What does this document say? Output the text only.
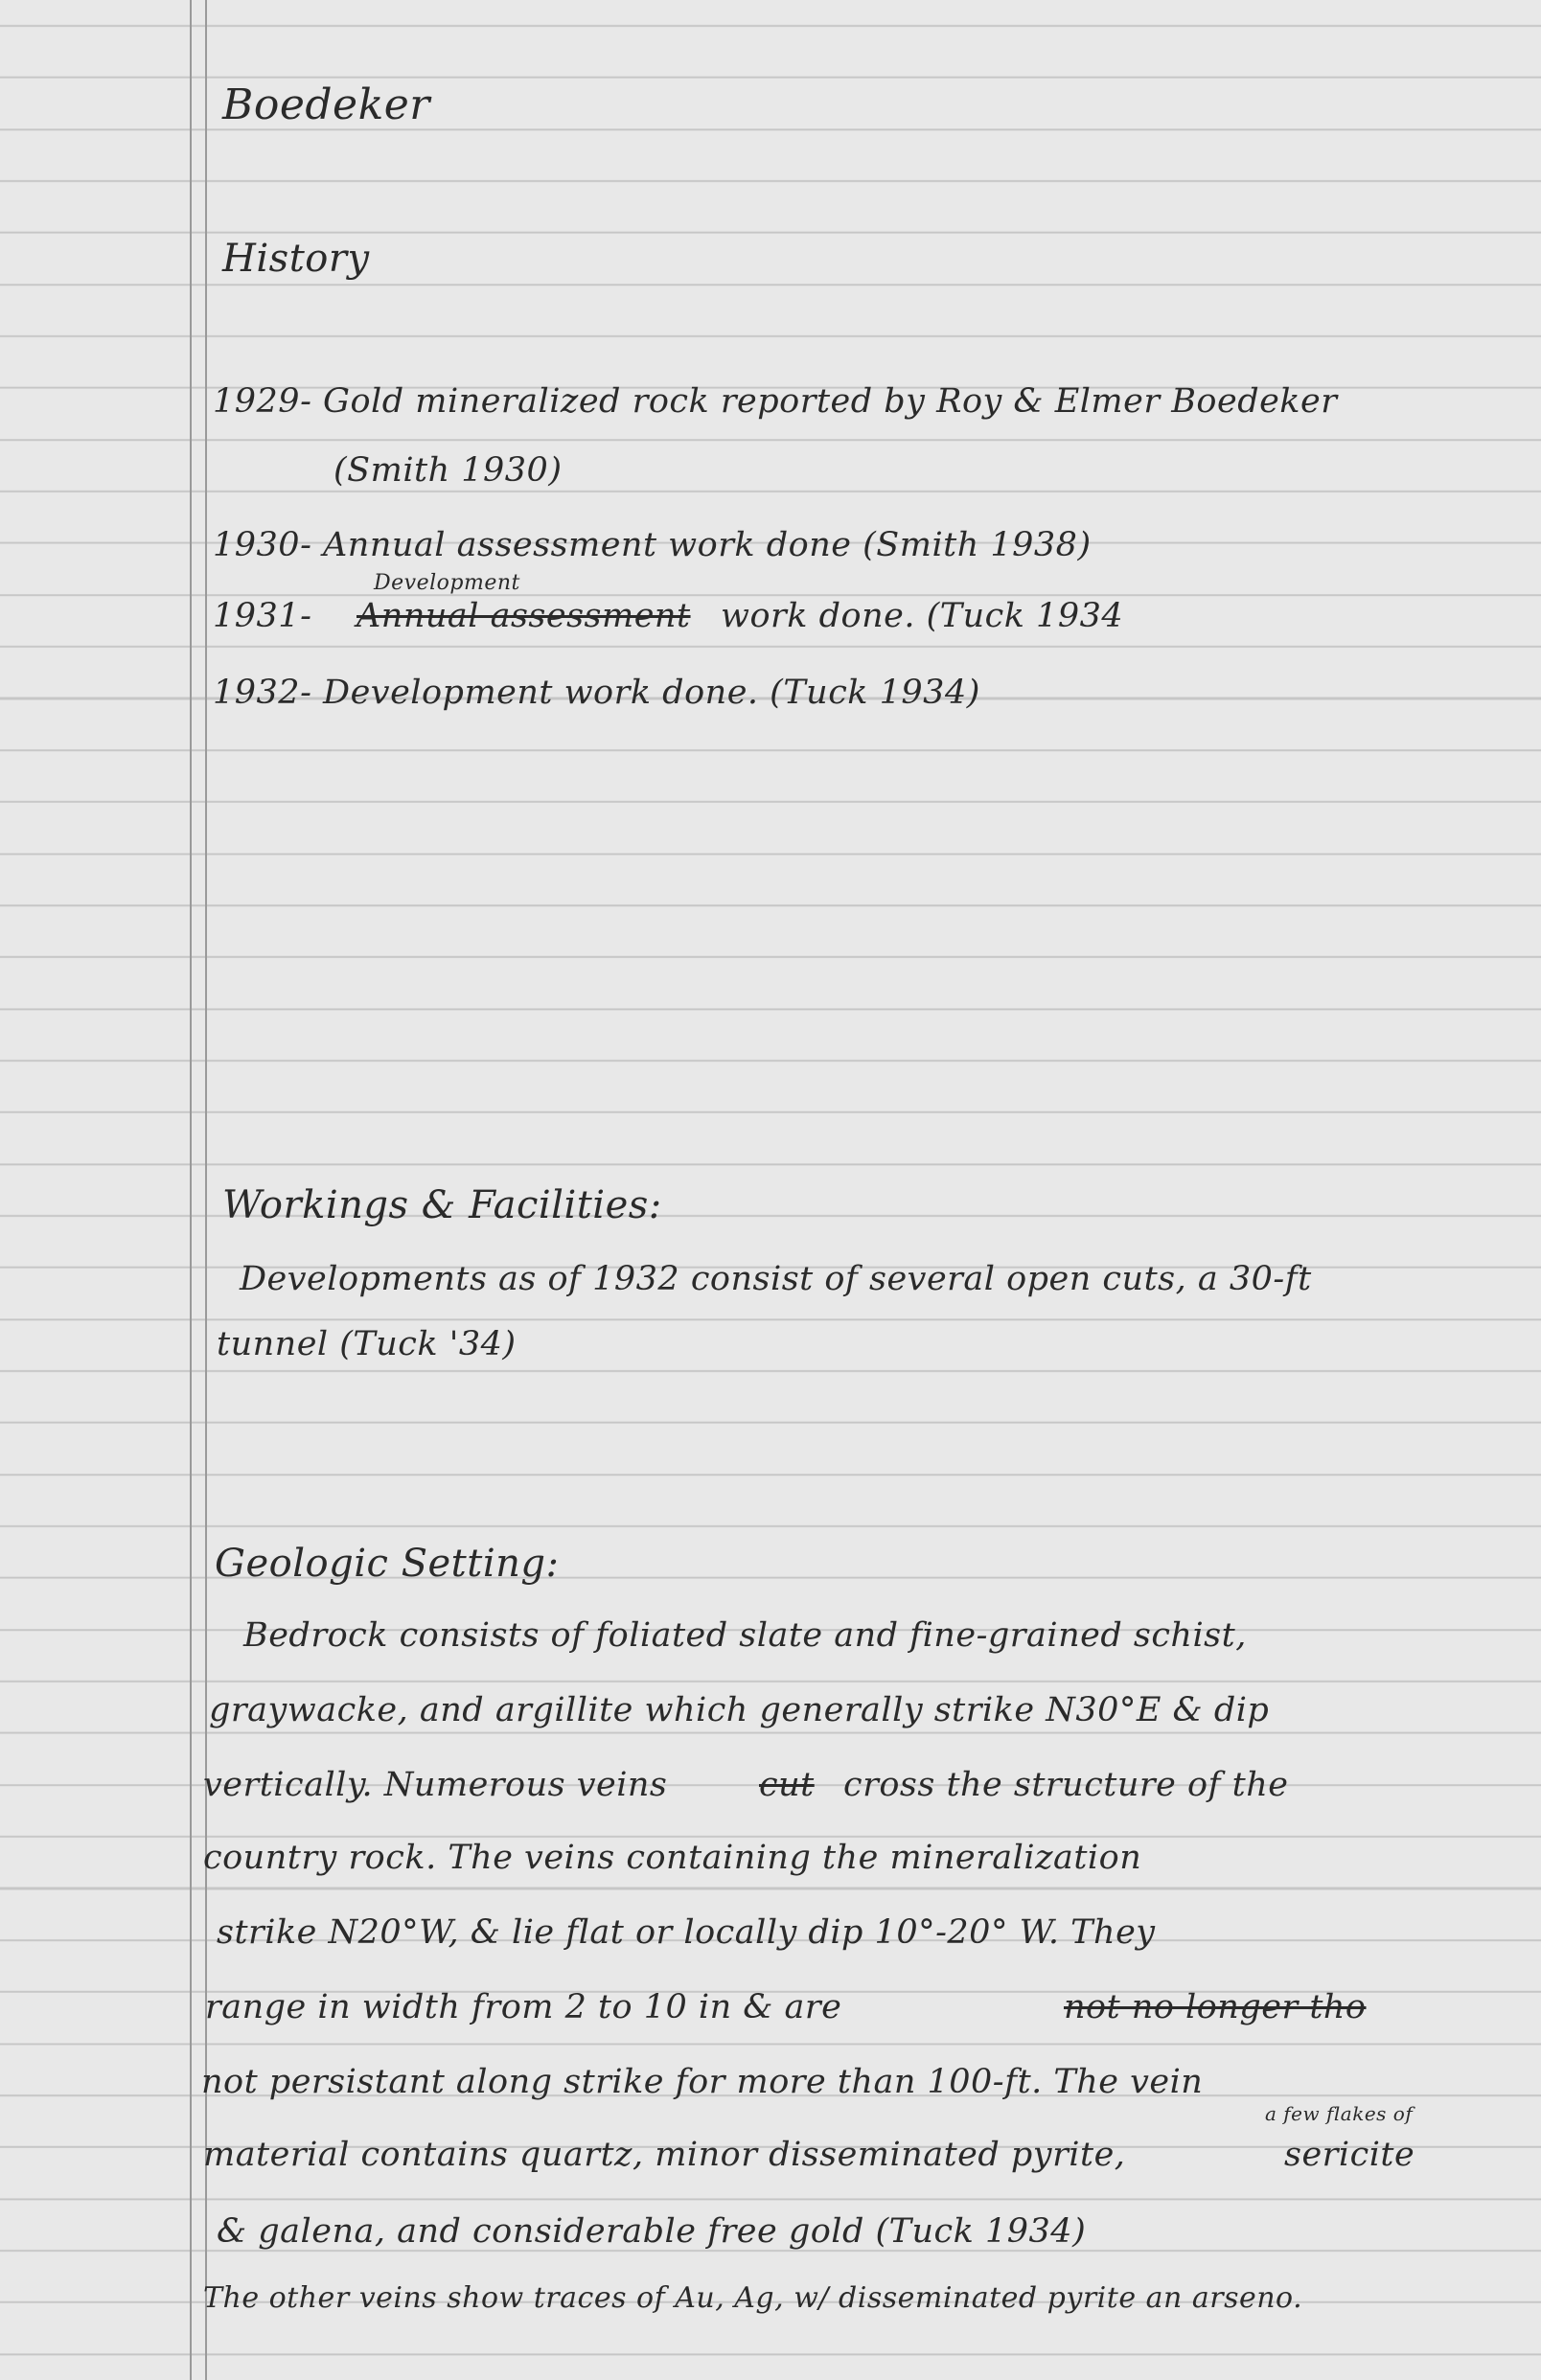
Boedeker
History
1929- Gold mineralized rock reported by Roy & Elmer Boedeker
(Smith 1930)
1930- Annual assessment work done (Smith 1938)
Development
1931- Annual assessment work done. (Tuck 1934
1932- Development work done. (Tuck 1934)
Workings & Facilities:
Developments as of 1932 consist of several open cuts, a 30-ft
tunnel (Tuck '34)
Geologic Setting:
Bedrock consists of foliated slate and fine-grained schist,
graywacke, and argillite which generally strike N30°E & dip
vertically. Numerous veins	cut cross the structure of the
country rock. The veins containing the mineralization
strike N20°W, & lie flat or locally dip 10°-20° W. They
range in width from 2 to 10 in & are	not no longer tho
not persistant along strike for more than 100-ft. The vein
a few flakes of
material contains quartz, minor disseminated pyrite,	sericite
& galena, and considerable free gold (Tuck 1934)
The other veins show traces of Au, Ag, w/ disseminated pyrite an arseno.
